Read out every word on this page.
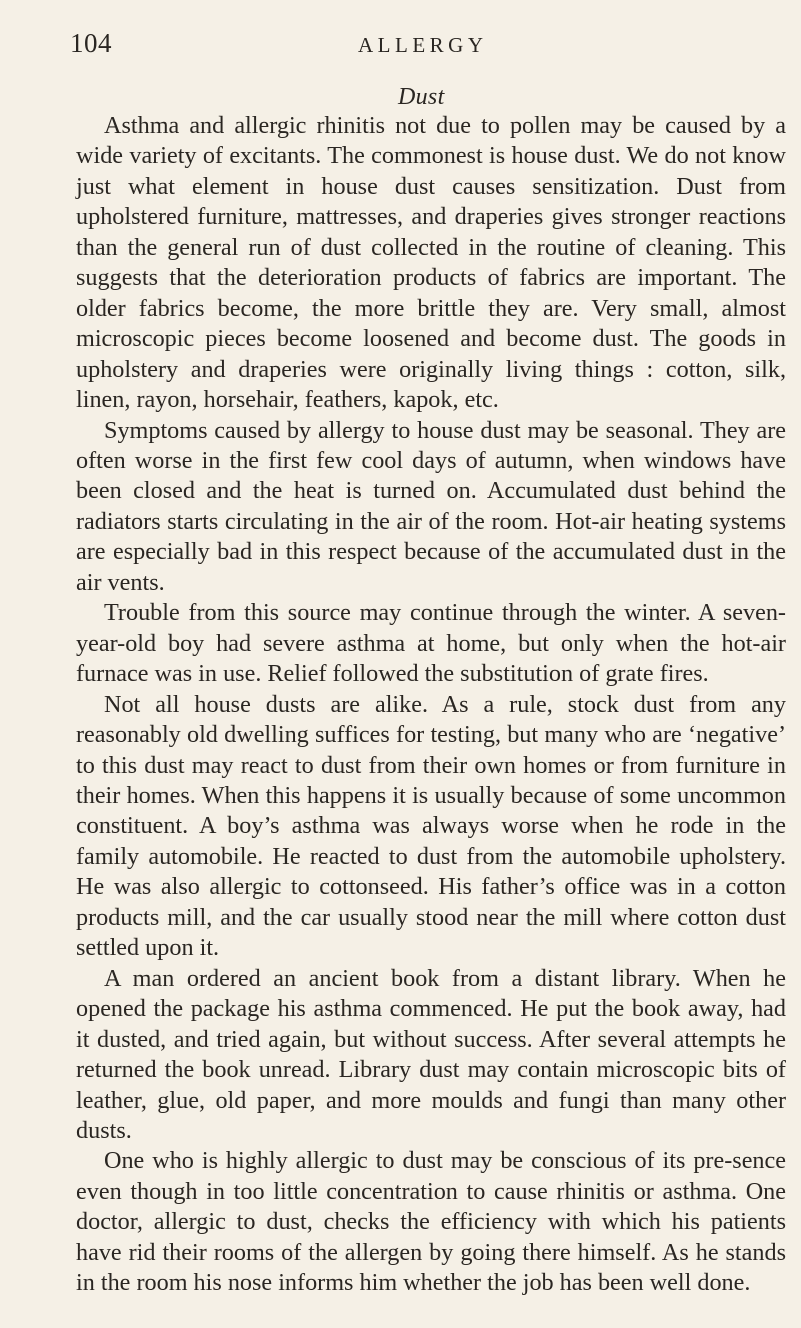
104	ALLERGY
Dust

Asthma and allergic rhinitis not due to pollen may be caused by a wide variety of excitants. The commonest is house dust. We do not know just what element in house dust causes sensitization. Dust from upholstered furniture, mattresses, and draperies gives stronger reactions than the general run of dust collected in the routine of cleaning. This suggests that the deterioration products of fabrics are important. The older fabrics become, the more brittle they are. Very small, almost microscopic pieces become loosened and become dust. The goods in upholstery and draperies were originally living things : cotton, silk, linen, rayon, horsehair, feathers, kapok, etc.

Symptoms caused by allergy to house dust may be seasonal. They are often worse in the first few cool days of autumn, when windows have been closed and the heat is turned on. Accumulated dust behind the radiators starts circulating in the air of the room. Hot-air heating systems are especially bad in this respect because of the accumulated dust in the air vents.

Trouble from this source may continue through the winter. A seven-year-old boy had severe asthma at home, but only when the hot-air furnace was in use. Relief followed the substitution of grate fires.

Not all house dusts are alike. As a rule, stock dust from any reasonably old dwelling suffices for testing, but many who are ‘negative’ to this dust may react to dust from their own homes or from furniture in their homes. When this happens it is usually because of some uncommon constituent. A boy’s asthma was always worse when he rode in the family automobile. He reacted to dust from the automobile upholstery. He was also allergic to cottonseed. His father’s office was in a cotton products mill, and the car usually stood near the mill where cotton dust settled upon it.

A man ordered an ancient book from a distant library. When he opened the package his asthma commenced. He put the book away, had it dusted, and tried again, but without success. After several attempts he returned the book unread. Library dust may contain microscopic bits of leather, glue, old paper, and more moulds and fungi than many other dusts.

One who is highly allergic to dust may be conscious of its pre-sence even though in too little concentration to cause rhinitis or asthma. One doctor, allergic to dust, checks the efficiency with which his patients have rid their rooms of the allergen by going there himself. As he stands in the room his nose informs him whether the job has been well done.
